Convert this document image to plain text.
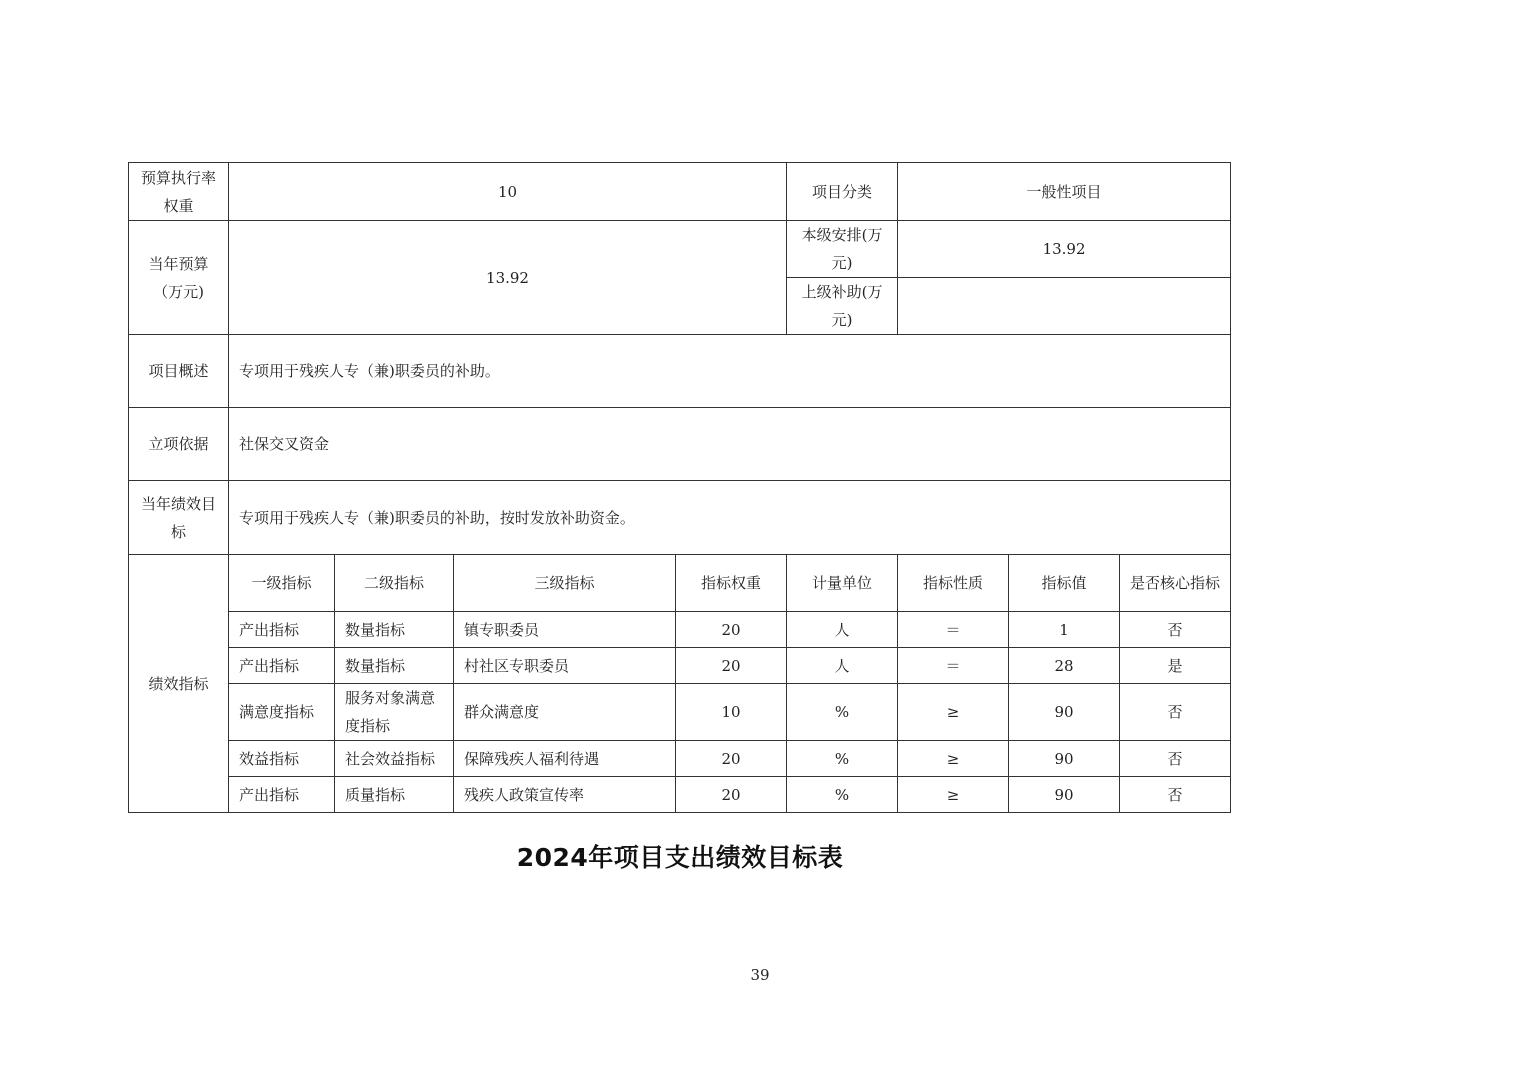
预算执行率权重	10				项目分类	一般性项目		
当年预算（万元)	13.92				本级安排(万元)	13.92		
					上级补助(万元)			
项目概述	专项用于残疾人专（兼)职委员的补助。							
立项依据	社保交叉资金							
当年绩效目标	专项用于残疾人专（兼)职委员的补助，按时发放补助资金。							
绩效指标	一级指标	二级指标	三级指标	指标权重	计量单位	指标性质	指标值	是否核心指标
	产出指标	数量指标	镇专职委员	20	人	＝	1	否
	产出指标	数量指标	村社区专职委员	20	人	＝	28	是
	满意度指标	服务对象满意度指标	群众满意度	10	%	≥	90	否
	效益指标	社会效益指标	保障残疾人福利待遇	20	%	≥	90	否
	产出指标	质量指标	残疾人政策宣传率	20	%	≥	90	否
2024年项目支出绩效目标表
39
